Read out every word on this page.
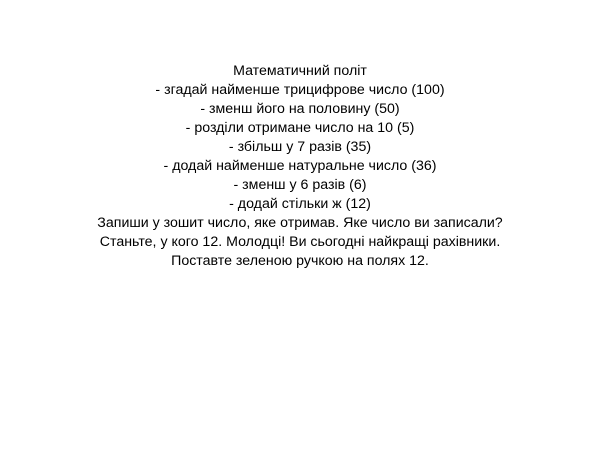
Математичний політ
- згадай найменше трицифрове число (100)
- зменш його на половину (50)
- розділи отримане число на 10 (5)
- збільш у 7 разів (35)
- додай найменше натуральне число (36)
- зменш у 6 разів (6)
- додай стільки ж (12)
Запиши у зошит число, яке отримав. Яке число ви записали?
Станьте, у кого 12. Молодці! Ви сьогодні найкращі рахівники.
Поставте зеленою ручкою на полях 12.
